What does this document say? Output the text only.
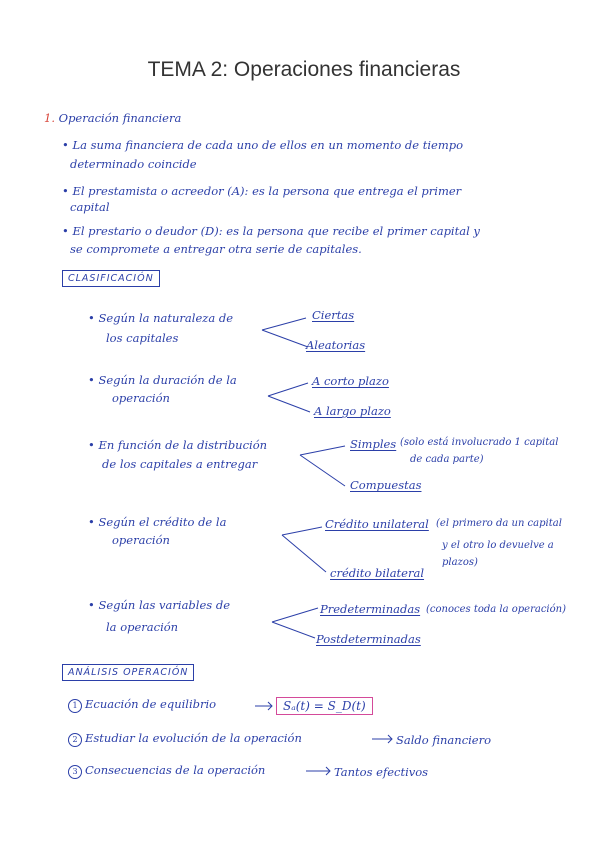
TEMA 2: Operaciones financieras
1. Operación financiera
• La suma financiera de cada uno de ellos en un momento de tiempo
determinado coincide
• El prestamista o acreedor (A): es la persona que entrega el primer
capital
• El prestario o deudor (D): es la persona que recibe el primer capital y
se compromete a entregar otra serie de capitales.
CLASIFICACIÓN
• Según la naturaleza de
los capitales
Ciertas
Aleatorias
• Según la duración de la
operación
A corto plazo
A largo plazo
• En función de la distribución
de los capitales a entregar
Simples (solo está involucrado 1 capital
de cada parte)
Compuestas
• Según el crédito de la
operación
Crédito unilateral (el primero da un capital
y el otro lo devuelve a
plazos)
crédito bilateral
• Según las variables de
la operación
Predeterminadas (conoces toda la operación)
Postdeterminadas
ANÁLISIS OPERACIÓN
1 Ecuación de equilibrio	Sₐ(t) = S_D(t)
2 Estudiar la evolución de la operación	Saldo financiero
3 Consecuencias de la operación	Tantos efectivos
